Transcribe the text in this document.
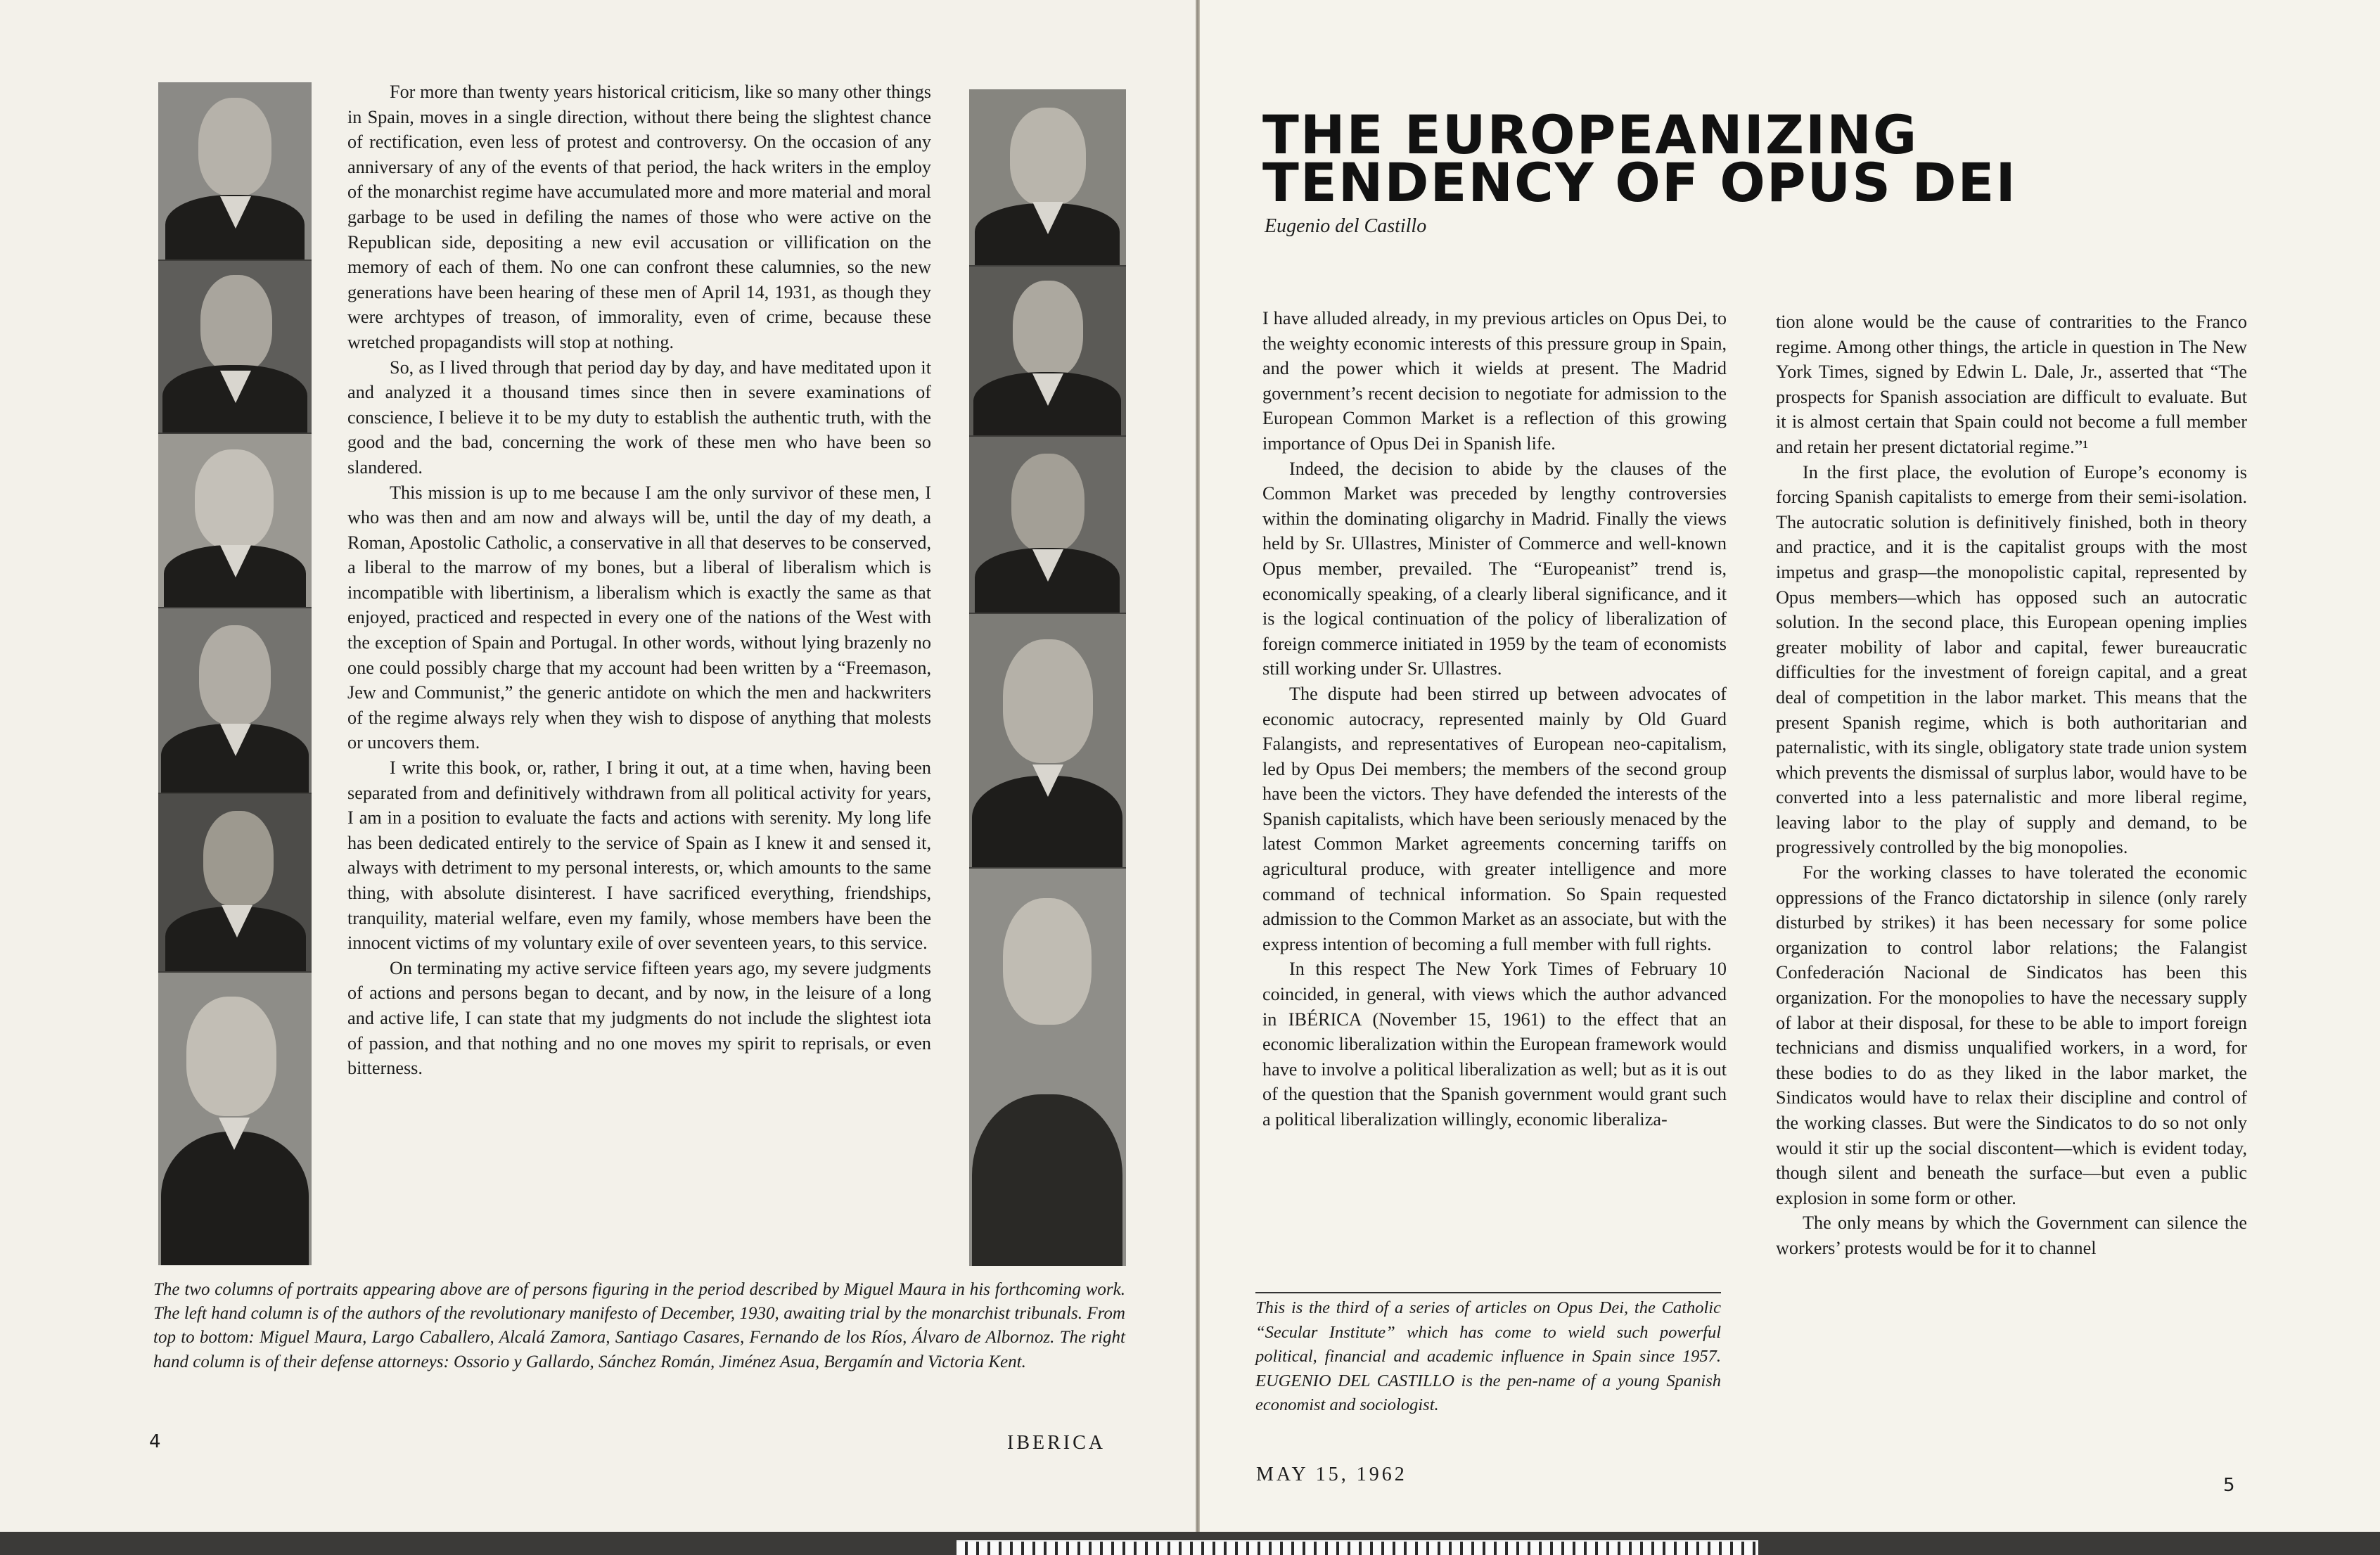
For more than twenty years historical criticism, like so many other things in Spain, moves in a single direction, without there being the slightest chance of rectification, even less of protest and controversy. On the occasion of any anniversary of any of the events of that period, the hack writers in the employ of the monarchist regime have accumulated more and more material and moral garbage to be used in defiling the names of those who were active on the Republican side, depositing a new evil accusation or villification on the memory of each of them. No one can confront these calumnies, so the new generations have been hearing of these men of April 14, 1931, as though they were archtypes of treason, of immorality, even of crime, because these wretched propagandists will stop at nothing.

So, as I lived through that period day by day, and have meditated upon it and analyzed it a thousand times since then in severe examinations of conscience, I believe it to be my duty to establish the authentic truth, with the good and the bad, concerning the work of these men who have been so slandered.

This mission is up to me because I am the only survivor of these men, I who was then and am now and always will be, until the day of my death, a Roman, Apostolic Catholic, a conservative in all that deserves to be conserved, a liberal to the marrow of my bones, but a liberal of liberalism which is incompatible with libertinism, a liberalism which is exactly the same as that enjoyed, practiced and respected in every one of the nations of the West with the exception of Spain and Portugal. In other words, without lying brazenly no one could possibly charge that my account had been written by a “Freemason, Jew and Communist,” the generic antidote on which the men and hackwriters of the regime always rely when they wish to dispose of anything that molests or uncovers them.

I write this book, or, rather, I bring it out, at a time when, having been separated from and definitively withdrawn from all political activity for years, I am in a position to evaluate the facts and actions with serenity. My long life has been dedicated entirely to the service of Spain as I knew it and sensed it, always with detriment to my personal interests, or, which amounts to the same thing, with absolute disinterest. I have sacrificed everything, friendships, tranquility, material welfare, even my family, whose members have been the innocent victims of my voluntary exile of over seventeen years, to this service.

On terminating my active service fifteen years ago, my severe judgments of actions and persons began to decant, and by now, in the leisure of a long and active life, I can state that my judgments do not include the slightest iota of passion, and that nothing and no one moves my spirit to reprisals, or even bitterness.

The two columns of portraits appearing above are of persons figuring in the period described by Miguel Maura in his forthcoming work. The left hand column is of the authors of the revolutionary manifesto of December, 1930, awaiting trial by the monarchist tribunals. From top to bottom: Miguel Maura, Largo Caballero, Alcalá Zamora, Santiago Casares, Fernando de los Ríos, Álvaro de Albornoz. The right hand column is of their defense attorneys: Ossorio y Gallardo, Sánchez Román, Jiménez Asua, Bergamín and Victoria Kent.
4	IBERICA
THE EUROPEANIZING TENDENCY OF OPUS DEI
Eugenio del Castillo

I have alluded already, in my previous articles on Opus Dei, to the weighty economic interests of this pressure group in Spain, and the power which it wields at present. The Madrid government’s recent decision to negotiate for admission to the European Common Market is a reflection of this growing importance of Opus Dei in Spanish life.

Indeed, the decision to abide by the clauses of the Common Market was preceded by lengthy controversies within the dominating oligarchy in Madrid. Finally the views held by Sr. Ullastres, Minister of Commerce and well-known Opus member, prevailed. The “Europeanist” trend is, economically speaking, of a clearly liberal significance, and it is the logical continuation of the policy of liberalization of foreign commerce initiated in 1959 by the team of economists still working under Sr. Ullastres.

The dispute had been stirred up between advocates of economic autocracy, represented mainly by Old Guard Falangists, and representatives of European neo-capitalism, led by Opus Dei members; the members of the second group have been the victors. They have defended the interests of the Spanish capitalists, which have been seriously menaced by the latest Common Market agreements concerning tariffs on agricultural produce, with greater intelligence and more command of technical information. So Spain requested admission to the Common Market as an associate, but with the express intention of becoming a full member with full rights.

In this respect The New York Times of February 10 coincided, in general, with views which the author advanced in IBÉRICA (November 15, 1961) to the effect that an economic liberalization within the European framework would have to involve a political liberalization as well; but as it is out of the question that the Spanish government would grant such a political liberalization willingly, economic liberaliza-

This is the third of a series of articles on Opus Dei, the Catholic “Secular Institute” which has come to wield such powerful political, financial and academic influence in Spain since 1957. EUGENIO DEL CASTILLO is the pen-name of a young Spanish economist and sociologist.

tion alone would be the cause of contrarities to the Franco regime. Among other things, the article in question in The New York Times, signed by Edwin L. Dale, Jr., asserted that “The prospects for Spanish association are difficult to evaluate. But it is almost certain that Spain could not become a full member and retain her present dictatorial regime.”¹

In the first place, the evolution of Europe’s economy is forcing Spanish capitalists to emerge from their semi-isolation. The autocratic solution is definitively finished, both in theory and practice, and it is the capitalist groups with the most impetus and grasp—the monopolistic capital, represented by Opus members—which has opposed such an autocratic solution. In the second place, this European opening implies greater mobility of labor and capital, fewer bureaucratic difficulties for the investment of foreign capital, and a great deal of competition in the labor market. This means that the present Spanish regime, which is both authoritarian and paternalistic, with its single, obligatory state trade union system which prevents the dismissal of surplus labor, would have to be converted into a less paternalistic and more liberal regime, leaving labor to the play of supply and demand, to be progressively controlled by the big monopolies.

For the working classes to have tolerated the economic oppressions of the Franco dictatorship in silence (only rarely disturbed by strikes) it has been necessary for some police organization to control labor relations; the Falangist Confederación Nacional de Sindicatos has been this organization. For the monopolies to have the necessary supply of labor at their disposal, for these to be able to import foreign technicians and dismiss unqualified workers, in a word, for these bodies to do as they liked in the labor market, the Sindicatos would have to relax their discipline and control of the working classes. But were the Sindicatos to do so not only would it stir up the social discontent—which is evident today, though silent and beneath the surface—but even a public explosion in some form or other.

The only means by which the Government can silence the workers’ protests would be for it to channel

MAY 15, 1962	5
